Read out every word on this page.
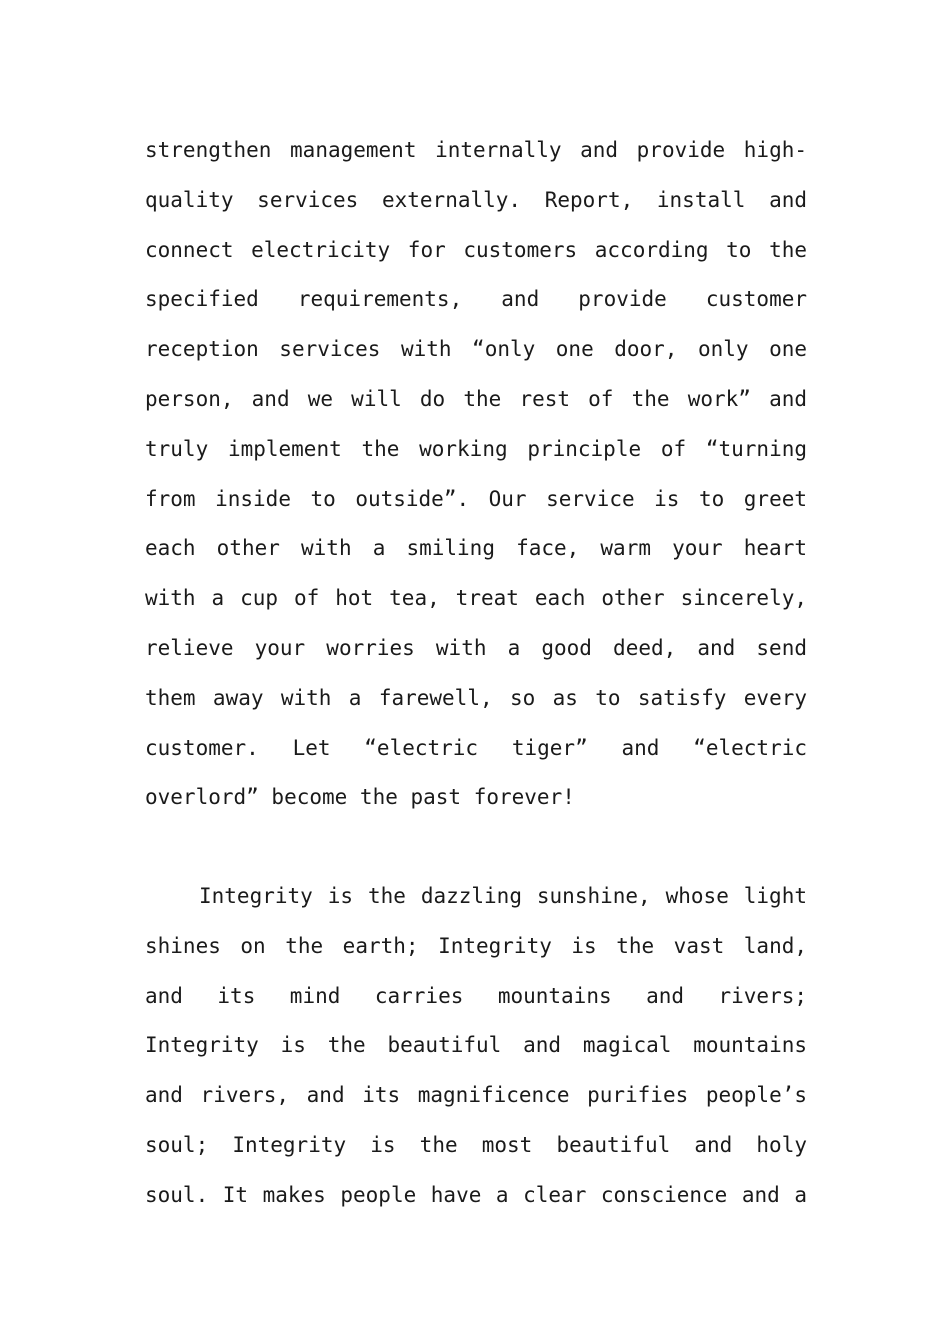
strengthen management internally and provide high-
quality services externally. Report, install and
connect electricity for customers according to the
specified requirements, and provide customer
reception services with “only one door, only one
person, and we will do the rest of the work” and
truly implement the working principle of “turning
from inside to outside”. Our service is to greet
each other with a smiling face, warm your heart
with a cup of hot tea, treat each other sincerely,
relieve your worries with a good deed, and send
them away with a farewell, so as to satisfy every
customer. Let “electric tiger” and “electric
overlord” become the past forever!
Integrity is the dazzling sunshine, whose light
shines on the earth; Integrity is the vast land,
and its mind carries mountains and rivers;
Integrity is the beautiful and magical mountains
and rivers, and its magnificence purifies people’s
soul; Integrity is the most beautiful and holy
soul. It makes people have a clear conscience and a
